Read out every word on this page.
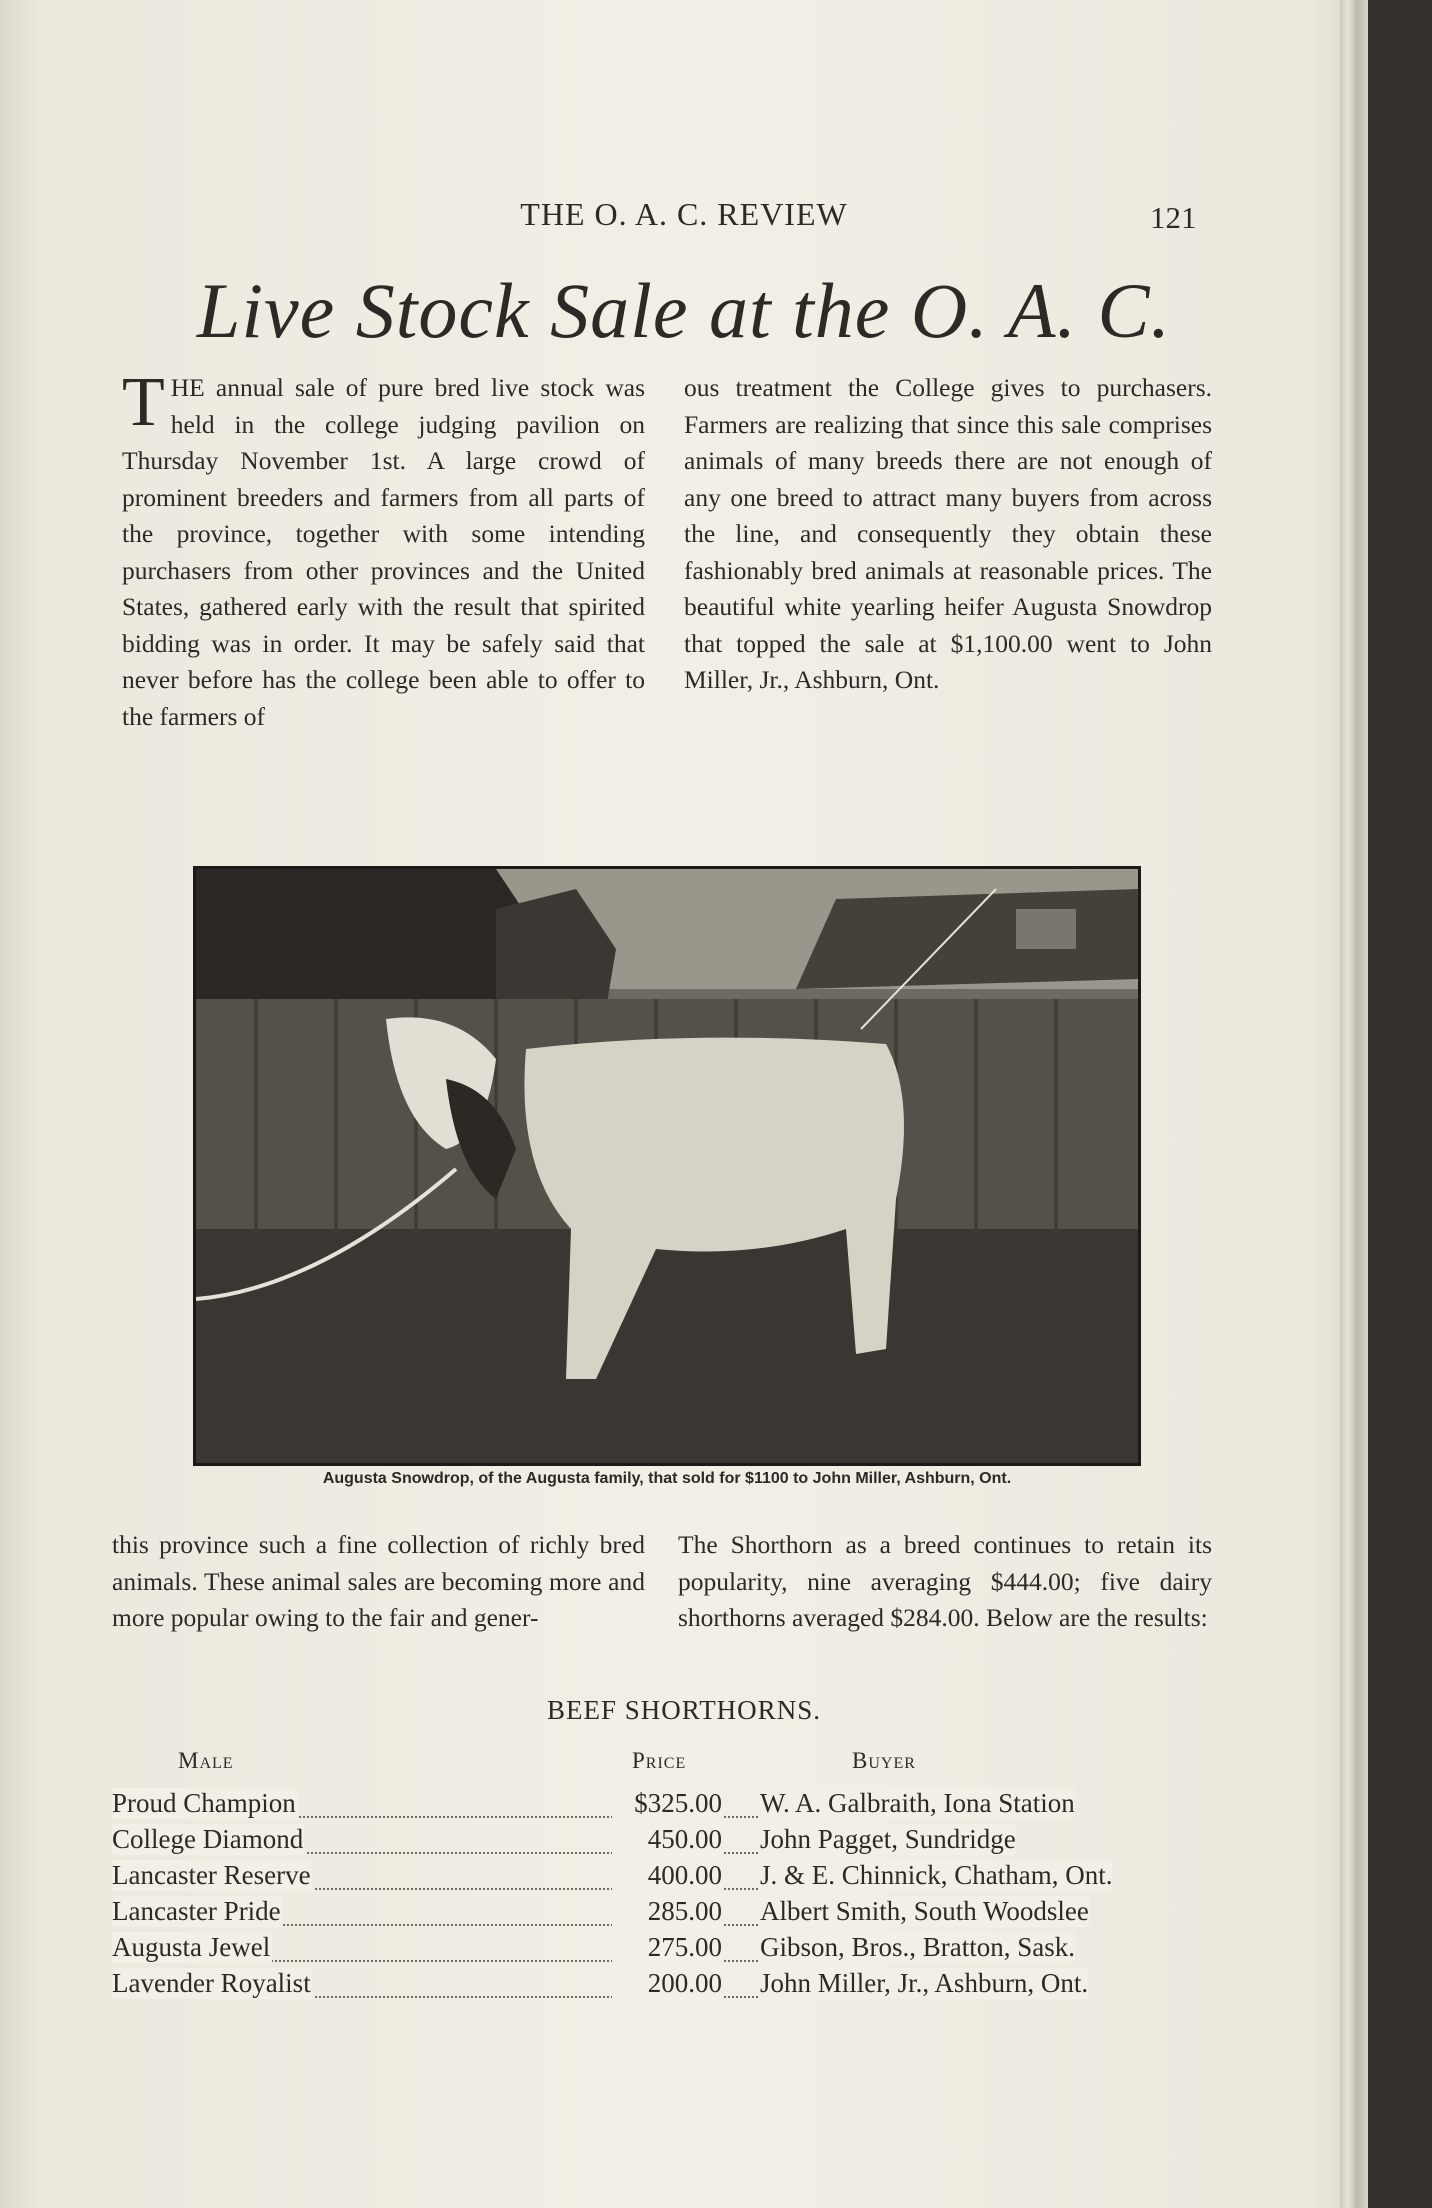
THE O. A. C. REVIEW	121
Live Stock Sale at the O. A. C.

THE annual sale of pure bred live stock was held in the college judging pavilion on Thursday November 1st. A large crowd of prominent breeders and farmers from all parts of the province, together with some intending purchasers from other provinces and the United States, gathered early with the result that spirited bidding was in order. It may be safely said that never before has the college been able to offer to the farmers of

ous treatment the College gives to purchasers. Farmers are realizing that since this sale comprises animals of many breeds there are not enough of any one breed to attract many buyers from across the line, and consequently they obtain these fashionably bred animals at reasonable prices. The beautiful white yearling heifer Augusta Snowdrop that topped the sale at $1,100.00 went to John Miller, Jr., Ashburn, Ont.

Augusta Snowdrop, of the Augusta family, that sold for $1100 to John Miller, Ashburn, Ont.

this province such a fine collection of richly bred animals. These animal sales are becoming more and more popular owing to the fair and gener-

The Shorthorn as a breed continues to retain its popularity, nine averaging $444.00; five dairy shorthorns averaged $284.00. Below are the results:

BEEF SHORTHORNS.
Male	Price	Buyer
Proud Champion	$325.00 W. A. Galbraith, Iona Station
College Diamond	450.00 John Pagget, Sundridge
Lancaster Reserve	400.00 J. & E. Chinnick, Chatham, Ont.
Lancaster Pride	285.00 Albert Smith, South Woodslee
Augusta Jewel	275.00 Gibson, Bros., Bratton, Sask.
Lavender Royalist	200.00 John Miller, Jr., Ashburn, Ont.
